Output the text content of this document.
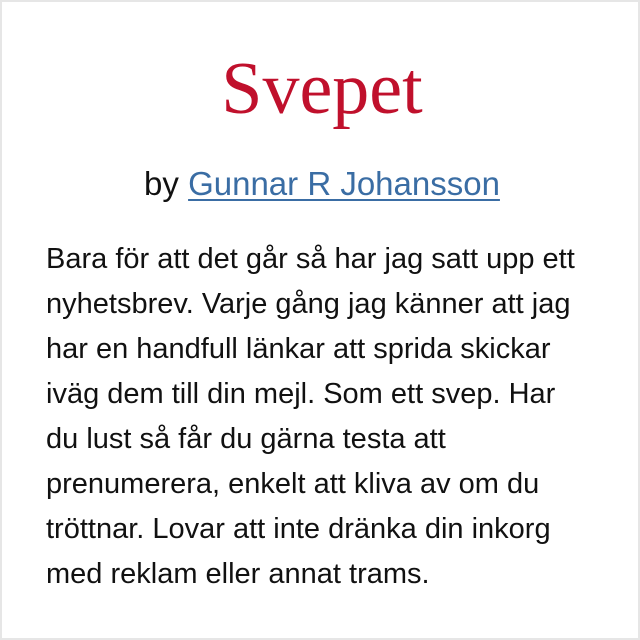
Svepet
by Gunnar R Johansson

Bara för att det går så har jag satt upp ett
nyhetsbrev. Varje gång jag känner att jag
har en handfull länkar att sprida skickar
iväg dem till din mejl. Som ett svep. Har
du lust så får du gärna testa att
prenumerera, enkelt att kliva av om du
tröttnar. Lovar att inte dränka din inkorg
med reklam eller annat trams.
